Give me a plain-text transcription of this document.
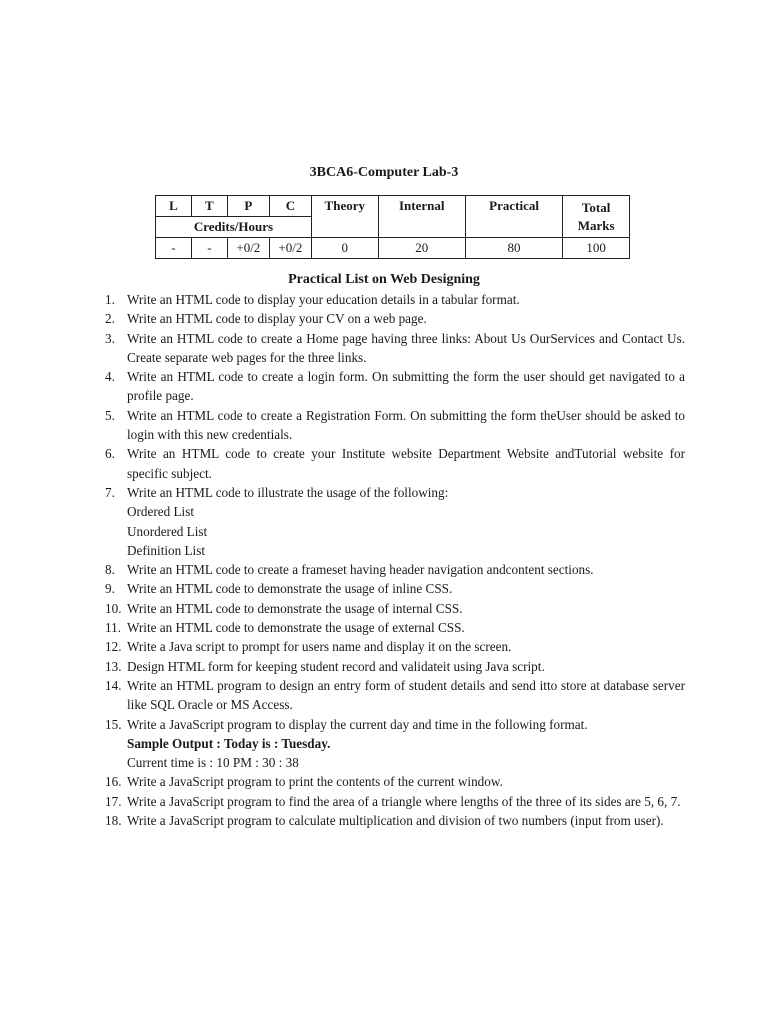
3BCA6-Computer Lab-3
L	T	P	C	Theory	Internal	Practical	Total
Marks
Credits/Hours							
-	-	+0/2	+0/2	0	20	80	100
Practical List on Web Designing
1. Write an HTML code to display your education details in a tabular format.
2. Write an HTML code to display your CV on a web page.
3. Write an HTML code to create a Home page having three links: About Us OurServices and Contact Us. Create separate web pages for the three links.
4. Write an HTML code to create a login form. On submitting the form the user should get navigated to a profile page.
5. Write an HTML code to create a Registration Form. On submitting the form theUser should be asked to login with this new credentials.
6. Write an HTML code to create your Institute website Department Website andTutorial website for specific subject.
7. Write an HTML code to illustrate the usage of the following:
Ordered List
Unordered List
Definition List
8. Write an HTML code to create a frameset having header navigation andcontent sections.
9. Write an HTML code to demonstrate the usage of inline CSS.
10. Write an HTML code to demonstrate the usage of internal CSS.
11. Write an HTML code to demonstrate the usage of external CSS.
12. Write a Java script to prompt for users name and display it on the screen.
13. Design HTML form for keeping student record and validateit using Java script.
14. Write an HTML program to design an entry form of student details and send itto store at database server like SQL Oracle or MS Access.
15. Write a JavaScript program to display the current day and time in the following format.
Sample Output : Today is : Tuesday.
Current time is : 10 PM : 30 : 38
16. Write a JavaScript program to print the contents of the current window.
17. Write a JavaScript program to find the area of a triangle where lengths of the three of its sides are 5, 6, 7.
18. Write a JavaScript program to calculate multiplication and division of two numbers (input from user).
